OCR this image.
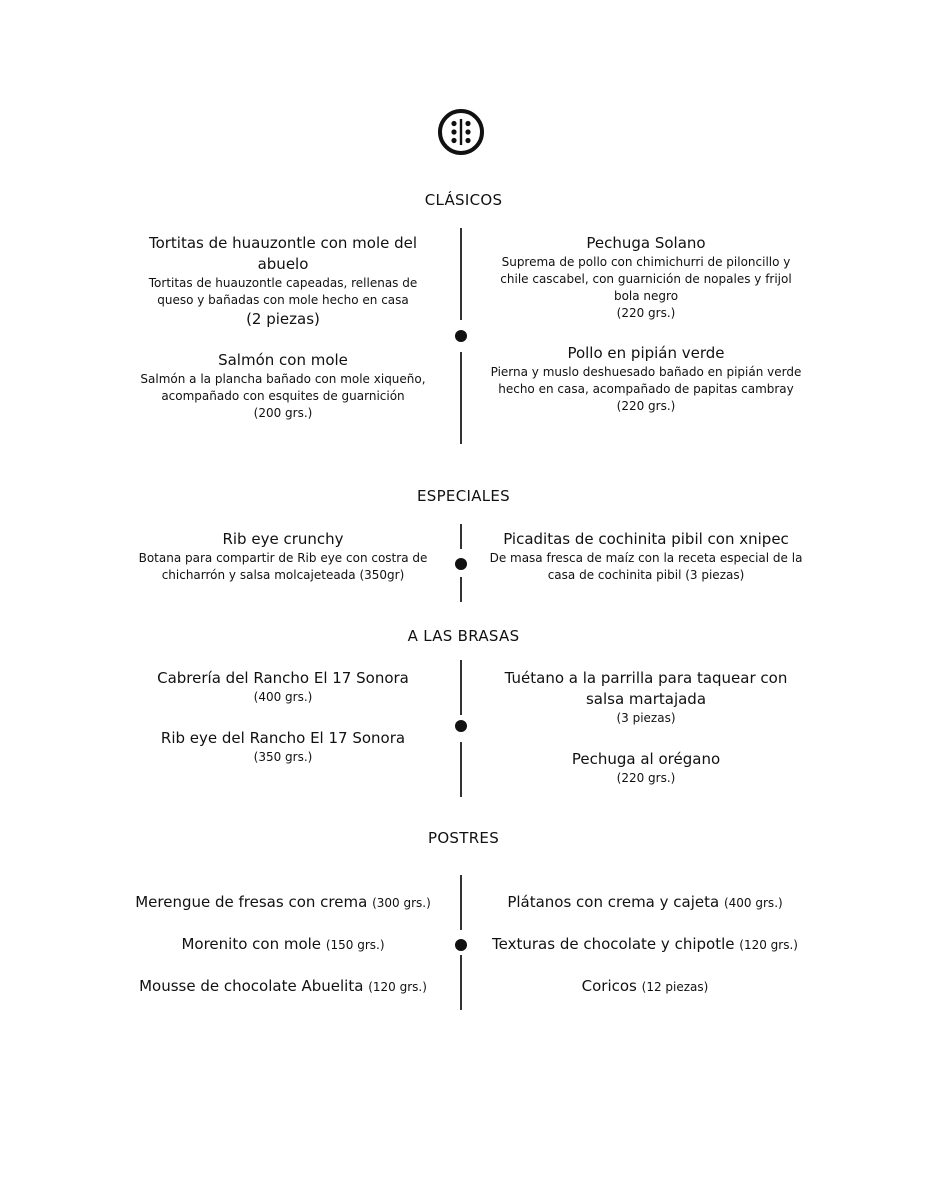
CLÁSICOS
Tortitas de huauzontle con mole del abuelo
Tortitas de huauzontle capeadas, rellenas de queso y bañadas con mole hecho en casa
(2 piezas)
Salmón con mole
Salmón a la plancha bañado con mole xiqueño, acompañado con esquites de guarnición
(200 grs.)
Pechuga Solano
Suprema de pollo con chimichurri de piloncillo y chile cascabel, con guarnición de nopales y frijol bola negro
(220 grs.)
Pollo en pipián verde
Pierna y muslo deshuesado bañado en pipián verde hecho en casa, acompañado de papitas cambray
(220 grs.)
ESPECIALES
Rib eye crunchy
Botana para compartir de Rib eye con costra de chicharrón y salsa molcajeteada (350gr)
Picaditas de cochinita pibil con xnipec
De masa fresca de maíz con la receta especial de la casa de cochinita pibil (3 piezas)
A LAS BRASAS
Cabrería del Rancho El 17 Sonora
(400 grs.)
Rib eye del Rancho El 17 Sonora
(350 grs.)
Tuétano a la parrilla para taquear con salsa martajada
(3 piezas)
Pechuga al orégano
(220 grs.)
POSTRES
Merengue de fresas con crema (300 grs.)
Morenito con mole (150 grs.)
Mousse de chocolate Abuelita (120 grs.)
Plátanos con crema y cajeta (400 grs.)
Texturas de chocolate y chipotle (120 grs.)
Coricos (12 piezas)
